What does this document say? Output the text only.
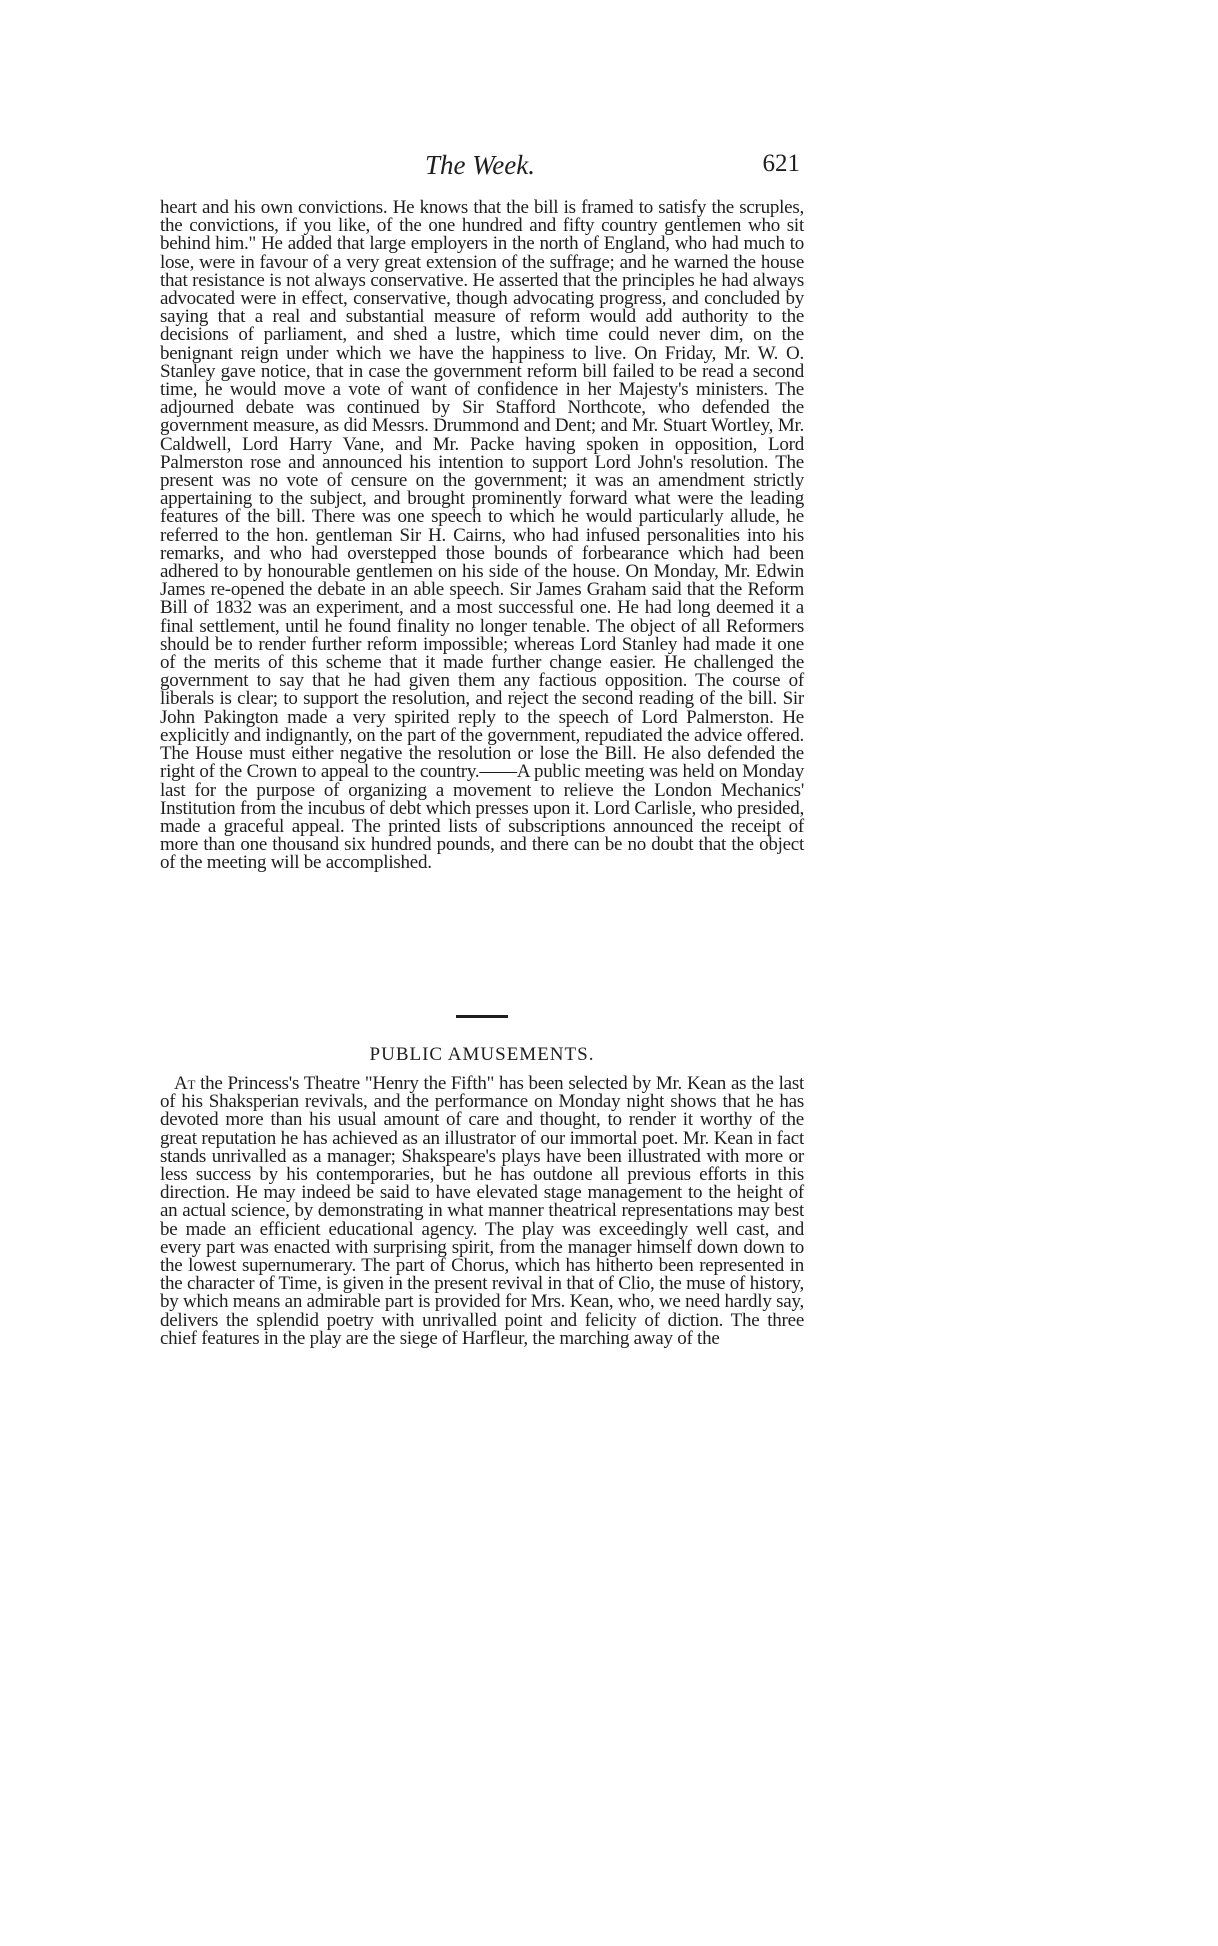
The Week.	621

heart and his own convictions. He knows that the bill is framed to satisfy the scruples, the convictions, if you like, of the one hundred and fifty country gentlemen who sit behind him." He added that large employers in the north of England, who had much to lose, were in favour of a very great extension of the suffrage; and he warned the house that resistance is not always conservative. He asserted that the principles he had always advocated were in effect, conservative, though advocating progress, and concluded by saying that a real and substantial measure of reform would add authority to the decisions of parliament, and shed a lustre, which time could never dim, on the benignant reign under which we have the happiness to live. On Friday, Mr. W. O. Stanley gave notice, that in case the government reform bill failed to be read a second time, he would move a vote of want of confidence in her Majesty's ministers. The adjourned debate was continued by Sir Stafford Northcote, who defended the government measure, as did Messrs. Drummond and Dent; and Mr. Stuart Wortley, Mr. Caldwell, Lord Harry Vane, and Mr. Packe having spoken in opposition, Lord Palmerston rose and announced his intention to support Lord John's resolution. The present was no vote of censure on the government; it was an amendment strictly appertaining to the subject, and brought prominently forward what were the leading features of the bill. There was one speech to which he would particularly allude, he referred to the hon. gentleman Sir H. Cairns, who had infused personalities into his remarks, and who had overstepped those bounds of forbearance which had been adhered to by honourable gentlemen on his side of the house. On Monday, Mr. Edwin James re-opened the debate in an able speech. Sir James Graham said that the Reform Bill of 1832 was an experiment, and a most successful one. He had long deemed it a final settlement, until he found finality no longer tenable. The object of all Reformers should be to render further reform impossible; whereas Lord Stanley had made it one of the merits of this scheme that it made further change easier. He challenged the government to say that he had given them any factious opposition. The course of liberals is clear; to support the resolution, and reject the second reading of the bill. Sir John Pakington made a very spirited reply to the speech of Lord Palmerston. He explicitly and indignantly, on the part of the government, repudiated the advice offered. The House must either negative the resolution or lose the Bill. He also defended the right of the Crown to appeal to the country.——A public meeting was held on Monday last for the purpose of organizing a movement to relieve the London Mechanics' Institution from the incubus of debt which presses upon it. Lord Carlisle, who presided, made a graceful appeal. The printed lists of subscriptions announced the receipt of more than one thousand six hundred pounds, and there can be no doubt that the object of the meeting will be accomplished.

PUBLIC AMUSEMENTS.

At the Princess's Theatre "Henry the Fifth" has been selected by Mr. Kean as the last of his Shaksperian revivals, and the performance on Monday night shows that he has devoted more than his usual amount of care and thought, to render it worthy of the great reputation he has achieved as an illustrator of our immortal poet. Mr. Kean in fact stands unrivalled as a manager; Shakspeare's plays have been illustrated with more or less success by his contemporaries, but he has outdone all previous efforts in this direction. He may indeed be said to have elevated stage management to the height of an actual science, by demonstrating in what manner theatrical representations may best be made an efficient educational agency. The play was exceedingly well cast, and every part was enacted with surprising spirit, from the manager himself down down to the lowest supernumerary. The part of Chorus, which has hitherto been represented in the character of Time, is given in the present revival in that of Clio, the muse of history, by which means an admirable part is provided for Mrs. Kean, who, we need hardly say, delivers the splendid poetry with unrivalled point and felicity of diction. The three chief features in the play are the siege of Harfleur, the marching away of the
